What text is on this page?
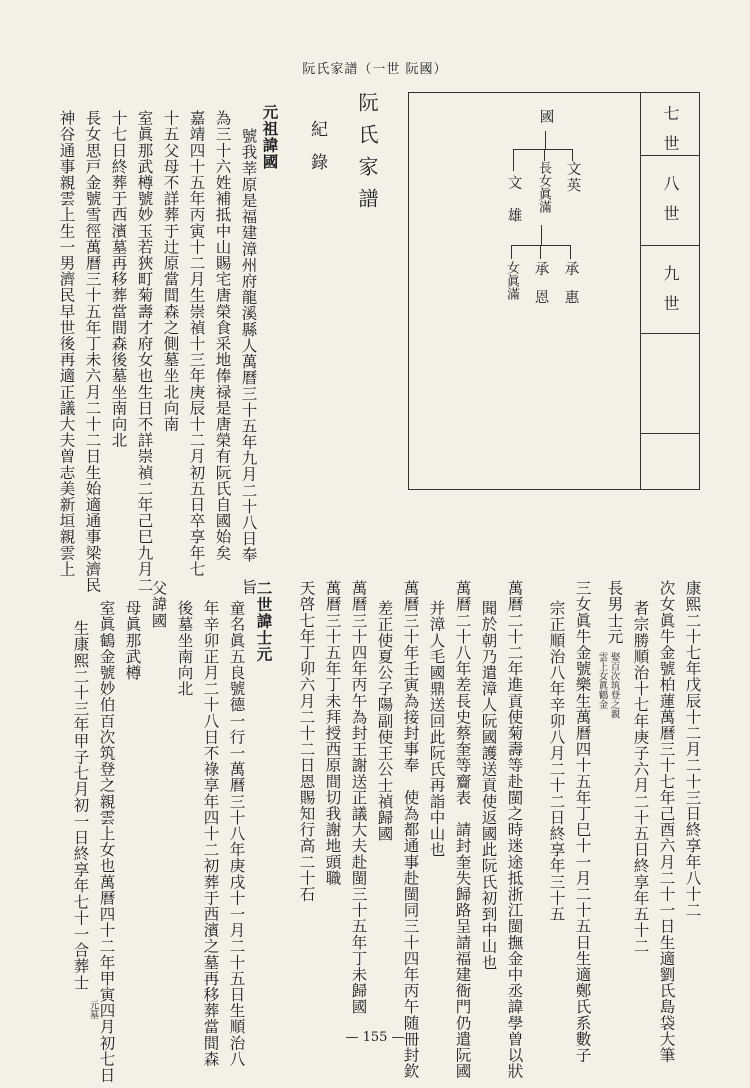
阮氏家譜（一世 阮國）
— 155 —
阮氏家譜
紀錄	七世
八世
九世
國
文英
長女眞滿
文雄
承惠
承恩
女眞滿
元祖諱國
號我莘原是福建漳州府龍溪縣人萬曆三十五年九月二十八日奉　旨
為三十六姓補抵中山賜宅唐榮食采地俸禄是唐榮有阮氏自國始矣
嘉靖四十五年丙寅十二月生崇禎十三年庚辰十二月初五日卒享年七
十五父母不詳葬于辻原當間森之側墓坐北向南
室眞那武樽號妙玉若狹町菊壽才府女也生日不詳崇禎二年己巳九月二
十七日終葬于西濱墓再移葬當間森後墓坐南向北
長女思戸金號雪徑萬曆三十五年丁未六月二十二日生始適通事梁濟民
神谷通事親雲上生一男濟民早世後再適正議大夫曽志美新垣親雲上
康熙二十七年戊辰十二月二十三日終享年八十二
次女眞牛金號柏蓮萬曆三十七年己酉六月二十一日生適劉氏島袋大筆
者宗勝順治十七年庚子六月二十五日終享年五十二
長男士元
娶百次筑登之親
雲上女眞鶴金
三女眞牛金號樂生萬曆四十五年丁巳十一月二十五日生適鄭氏系數子
宗正順治八年辛卯八月二十二日終享年三十五
萬曆二十二年進貢使菊壽等赴閩之時迷途抵浙江閩撫金中丞諱學曽以狀
聞於朝乃遣漳人阮國護送貢使返國此阮氏初到中山也
萬曆二十八年差長史蔡奎等齎表　請封奎失歸路呈請福建衙門仍遣阮國
并漳人毛國鼎送回此阮氏再詣中山也
萬曆三十年壬寅為接封事奉　使為都通事赴閩同三十四年丙午随冊封欽
差正使夏公子陽副使王公士禎歸國
萬曆三十四年丙午為封王謝送正議大夫赴閩三十五年丁未歸國
萬曆三十五年丁未拜授西原間切我謝地頭職
天啓七年丁卯六月二十二日恩賜知行高二十石
二世諱士元
童名眞五良號德一行一萬曆三十八年庚戌十一月二十五日生順治八
年辛卯正月二十八日不祿享年四十二初葬于西濱之墓再移葬當間森
後墓坐南向北
父諱國
母眞那武樽
室眞鶴金號妙伯百次筑登之親雲上女也萬曆四十二年甲寅四月初七日
生康熙二十三年甲子七月初一日終享年七十一合葬士
元墓
